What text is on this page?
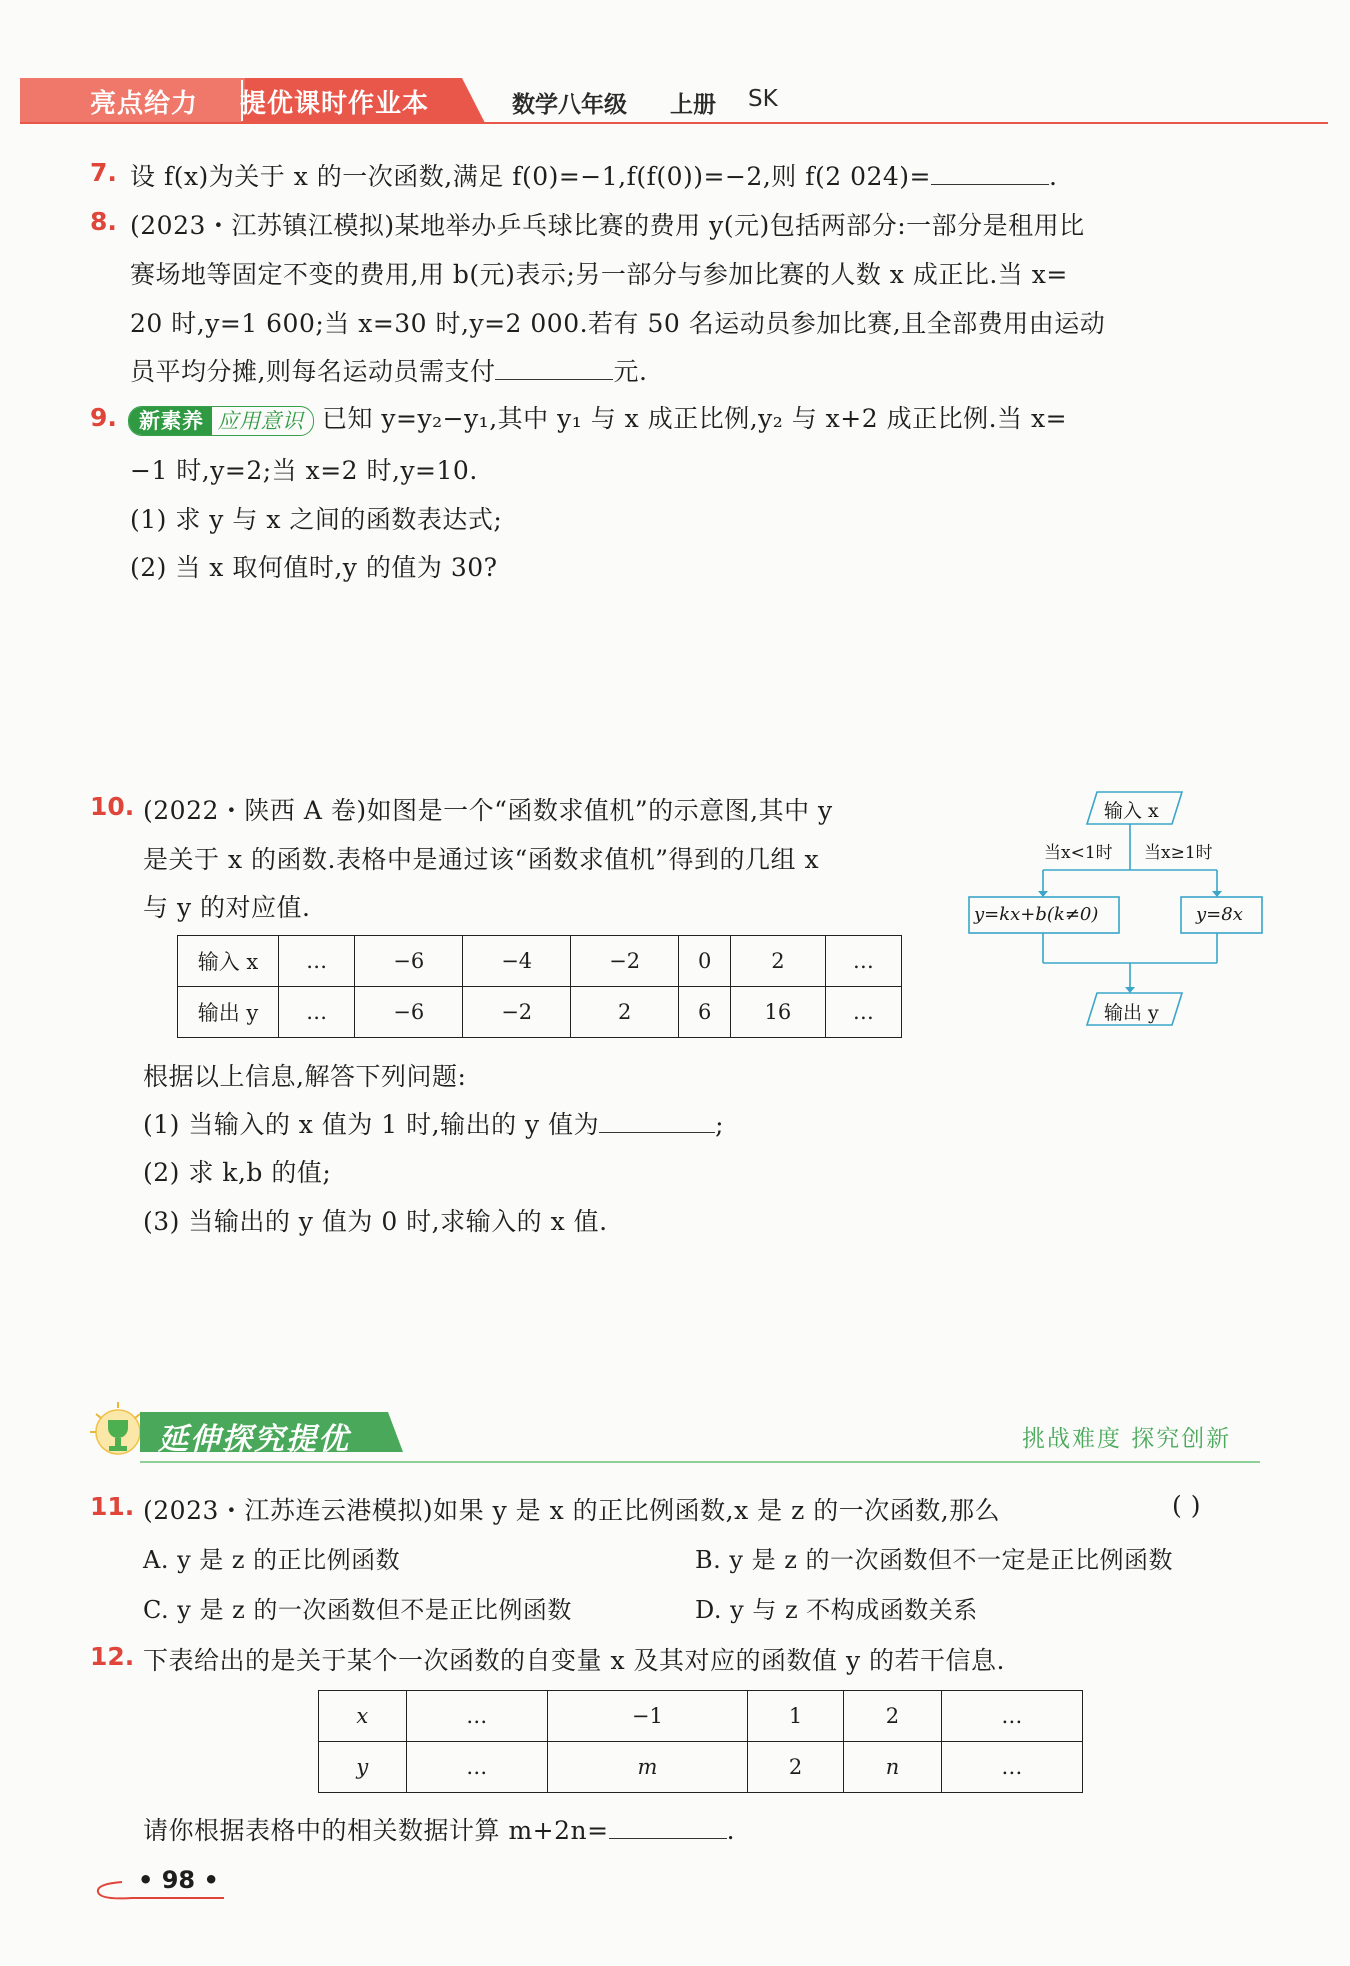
亮点给力 提优课时作业本	数学八年级 上册 SK
7. 设 f(x)为关于 x 的一次函数,满足 f(0)=−1,f(f(0))=−2,则 f(2 024)=	.
8. (2023・江苏镇江模拟)某地举办乒乓球比赛的费用 y(元)包括两部分:一部分是租用比
赛场地等固定不变的费用,用 b(元)表示;另一部分与参加比赛的人数 x 成正比.当 x=
20 时,y=1 600;当 x=30 时,y=2 000.若有 50 名运动员参加比赛,且全部费用由运动
员平均分摊,则每名运动员需支付	元.
9.	新素养 应用意识 已知 y=y₂−y₁,其中 y₁ 与 x 成正比例,y₂ 与 x+2 成正比例.当 x=
−1 时,y=2;当 x=2 时,y=10.
(1) 求 y 与 x 之间的函数表达式;
(2) 当 x 取何值时,y 的值为 30?
10. (2022・陕西 A 卷)如图是一个“函数求值机”的示意图,其中 y
是关于 x 的函数.表格中是通过该“函数求值机”得到的几组 x
与 y 的对应值.
输入 x	…	−6	−4	−2	0	2	…
输出 y	…	−6	−2	2	6	16	…
根据以上信息,解答下列问题:
(1) 当输入的 x 值为 1 时,输出的 y 值为	;
(2) 求 k,b 的值;
(3) 当输出的 y 值为 0 时,求输入的 x 值.
输入 x
当x<1时 当x≥1时
y=kx+b(k≠0)	y=8x
输出 y
延伸探究提优	挑战难度 探究创新
11. (2023・江苏连云港模拟)如果 y 是 x 的正比例函数,x 是 z 的一次函数,那么	( )
A. y 是 z 的正比例函数	B. y 是 z 的一次函数但不一定是正比例函数
C. y 是 z 的一次函数但不是正比例函数	D. y 与 z 不构成函数关系
12. 下表给出的是关于某个一次函数的自变量 x 及其对应的函数值 y 的若干信息.
x	…	−1	1	2	…
y	…	m	2	n	…
请你根据表格中的相关数据计算 m+2n=	.
• 98 •
